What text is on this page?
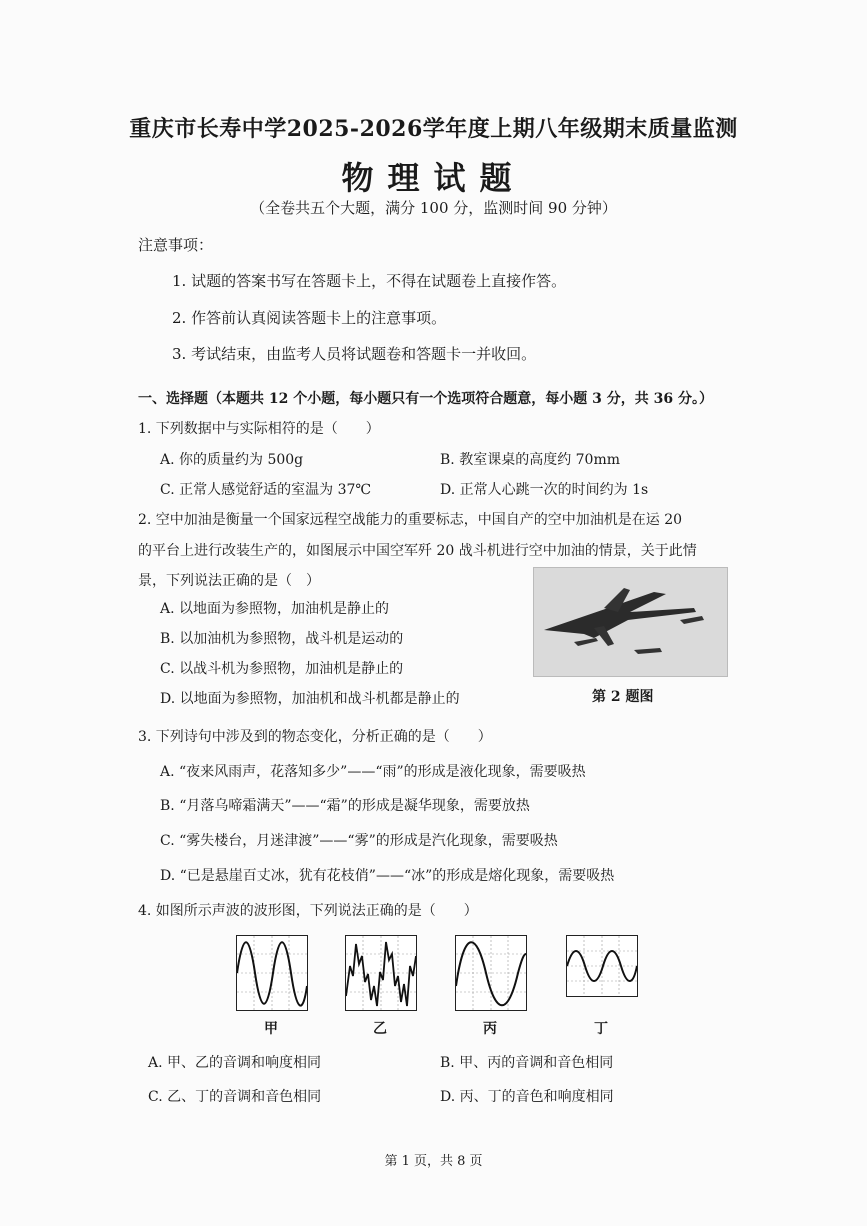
重庆市长寿中学2025-2026学年度上期八年级期末质量监测
物理试题
（全卷共五个大题，满分 100 分，监测时间 90 分钟）
注意事项：
1. 试题的答案书写在答题卡上，不得在试题卷上直接作答。
2. 作答前认真阅读答题卡上的注意事项。
3. 考试结束，由监考人员将试题卷和答题卡一并收回。
一、选择题（本题共 12 个小题，每小题只有一个选项符合题意，每小题 3 分，共 36 分。）
1. 下列数据中与实际相符的是（　　）
A. 你的质量约为 500g	B. 教室课桌的高度约 70mm
C. 正常人感觉舒适的室温为 37℃	D. 正常人心跳一次的时间约为 1s
2. 空中加油是衡量一个国家远程空战能力的重要标志，中国自产的空中加油机是在运 20
的平台上进行改装生产的，如图展示中国空军歼 20 战斗机进行空中加油的情景，关于此情
景，下列说法正确的是（　）
A. 以地面为参照物，加油机是静止的
B. 以加油机为参照物，战斗机是运动的
C. 以战斗机为参照物，加油机是静止的
D. 以地面为参照物，加油机和战斗机都是静止的	第 2 题图
3. 下列诗句中涉及到的物态变化，分析正确的是（　　）
A. “夜来风雨声，花落知多少”——“雨”的形成是液化现象，需要吸热
B. “月落乌啼霜满天”——“霜”的形成是凝华现象，需要放热
C. “雾失楼台，月迷津渡”——“雾”的形成是汽化现象，需要吸热
D. “已是悬崖百丈冰，犹有花枝俏”——“冰”的形成是熔化现象，需要吸热
4. 如图所示声波的波形图，下列说法正确的是（　　）
甲	乙	丙	丁
A. 甲、乙的音调和响度相同	B. 甲、丙的音调和音色相同
C. 乙、丁的音调和音色相同	D. 丙、丁的音色和响度相同
第 1 页，共 8 页
